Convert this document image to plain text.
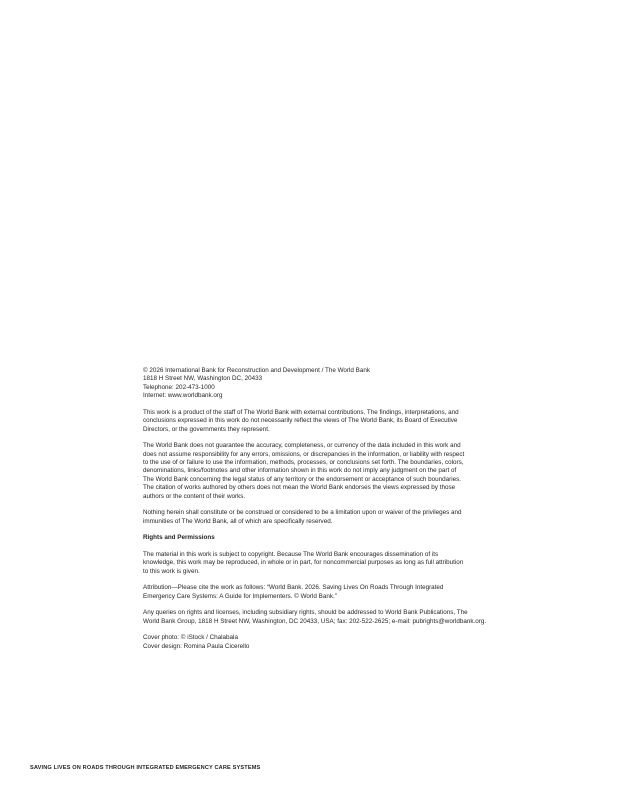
© 2026 International Bank for Reconstruction and Development / The World Bank
1818 H Street NW, Washington DC, 20433
Telephone: 202-473-1000
Internet: www.worldbank.org

This work is a product of the staff of The World Bank with external contributions. The findings, interpretations, and
conclusions expressed in this work do not necessarily reflect the views of The World Bank, its Board of Executive
Directors, or the governments they represent.

The World Bank does not guarantee the accuracy, completeness, or currency of the data included in this work and
does not assume responsibility for any errors, omissions, or discrepancies in the information, or liability with respect
to the use of or failure to use the information, methods, processes, or conclusions set forth. The boundaries, colors,
denominations, links/footnotes and other information shown in this work do not imply any judgment on the part of
The World Bank concerning the legal status of any territory or the endorsement or acceptance of such boundaries.
The citation of works authored by others does not mean the World Bank endorses the views expressed by those
authors or the content of their works.

Nothing herein shall constitute or be construed or considered to be a limitation upon or waiver of the privileges and
immunities of The World Bank, all of which are specifically reserved.

Rights and Permissions

The material in this work is subject to copyright. Because The World Bank encourages dissemination of its
knowledge, this work may be reproduced, in whole or in part, for noncommercial purposes as long as full attribution
to this work is given.

Attribution—Please cite the work as follows: “World Bank. 2026. Saving Lives On Roads Through Integrated
Emergency Care Systems: A Guide for Implementers. © World Bank.”

Any queries on rights and licenses, including subsidiary rights, should be addressed to World Bank Publications, The
World Bank Group, 1818 H Street NW, Washington, DC 20433, USA; fax: 202-522-2625; e-mail: pubrights@worldbank.org.

Cover photo: © iStock / Chalabala
Cover design: Romina Paula Cicerello

SAVING LIVES ON ROADS THROUGH INTEGRATED EMERGENCY CARE SYSTEMS
